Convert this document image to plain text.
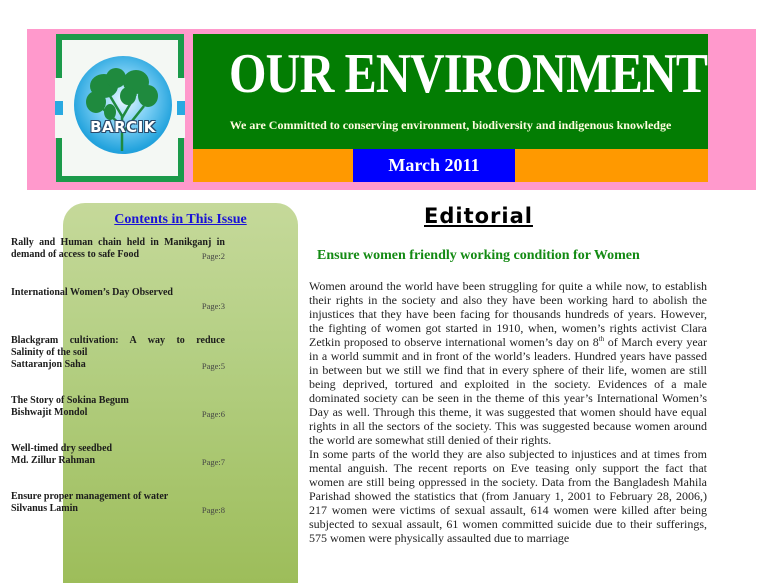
BARCIK
OUR ENVIRONMENT
We are Committed to conserving environment, biodiversity and indigenous knowledge
March 2011
Contents in This Issue
Rally and Human chain held in Manikganj in
demand of access to safe Food	Page:2
International Women’s Day Observed
Page:3
Blackgram cultivation: A way to reduce
Salinity of the soil
Sattaranjon Saha	Page:5
The Story of Sokina Begum
Bishwajit Mondol	Page:6
Well-timed dry seedbed
Md. Zillur Rahman	Page:7
Ensure proper management of water
Silvanus Lamin	Page:8
Editorial
Ensure women friendly working condition for Women

Women around the world have been struggling for quite a while now, to establish their rights in the society and also they have been working hard to abolish the injustices that they have been facing for thousands hundreds of years. However, the fighting of women got started in 1910, when, women’s rights activist Clara Zetkin proposed to observe international women’s day on 8th of March every year in a world summit and in front of the world’s leaders. Hundred years have passed in between but we still we find that in every sphere of their life, women are still being deprived, tortured and exploited in the society. Evidences of a male dominated society can be seen in the theme of this year’s International Women’s Day as well. Through this theme, it was suggested that women should have equal rights in all the sectors of the society. This was suggested because women around the world are somewhat still denied of their rights.

In some parts of the world they are also subjected to injustices and at times from mental anguish. The recent reports on Eve teasing only support the fact that women are still being oppressed in the society. Data from the Bangladesh Mahila Parishad showed the statistics that (from January 1, 2001 to February 28, 2006,) 217 women were victims of sexual assault, 614 women were killed after being subjected to sexual assault, 61 women committed suicide due to their sufferings, 575 women were physically assaulted due to marriage
